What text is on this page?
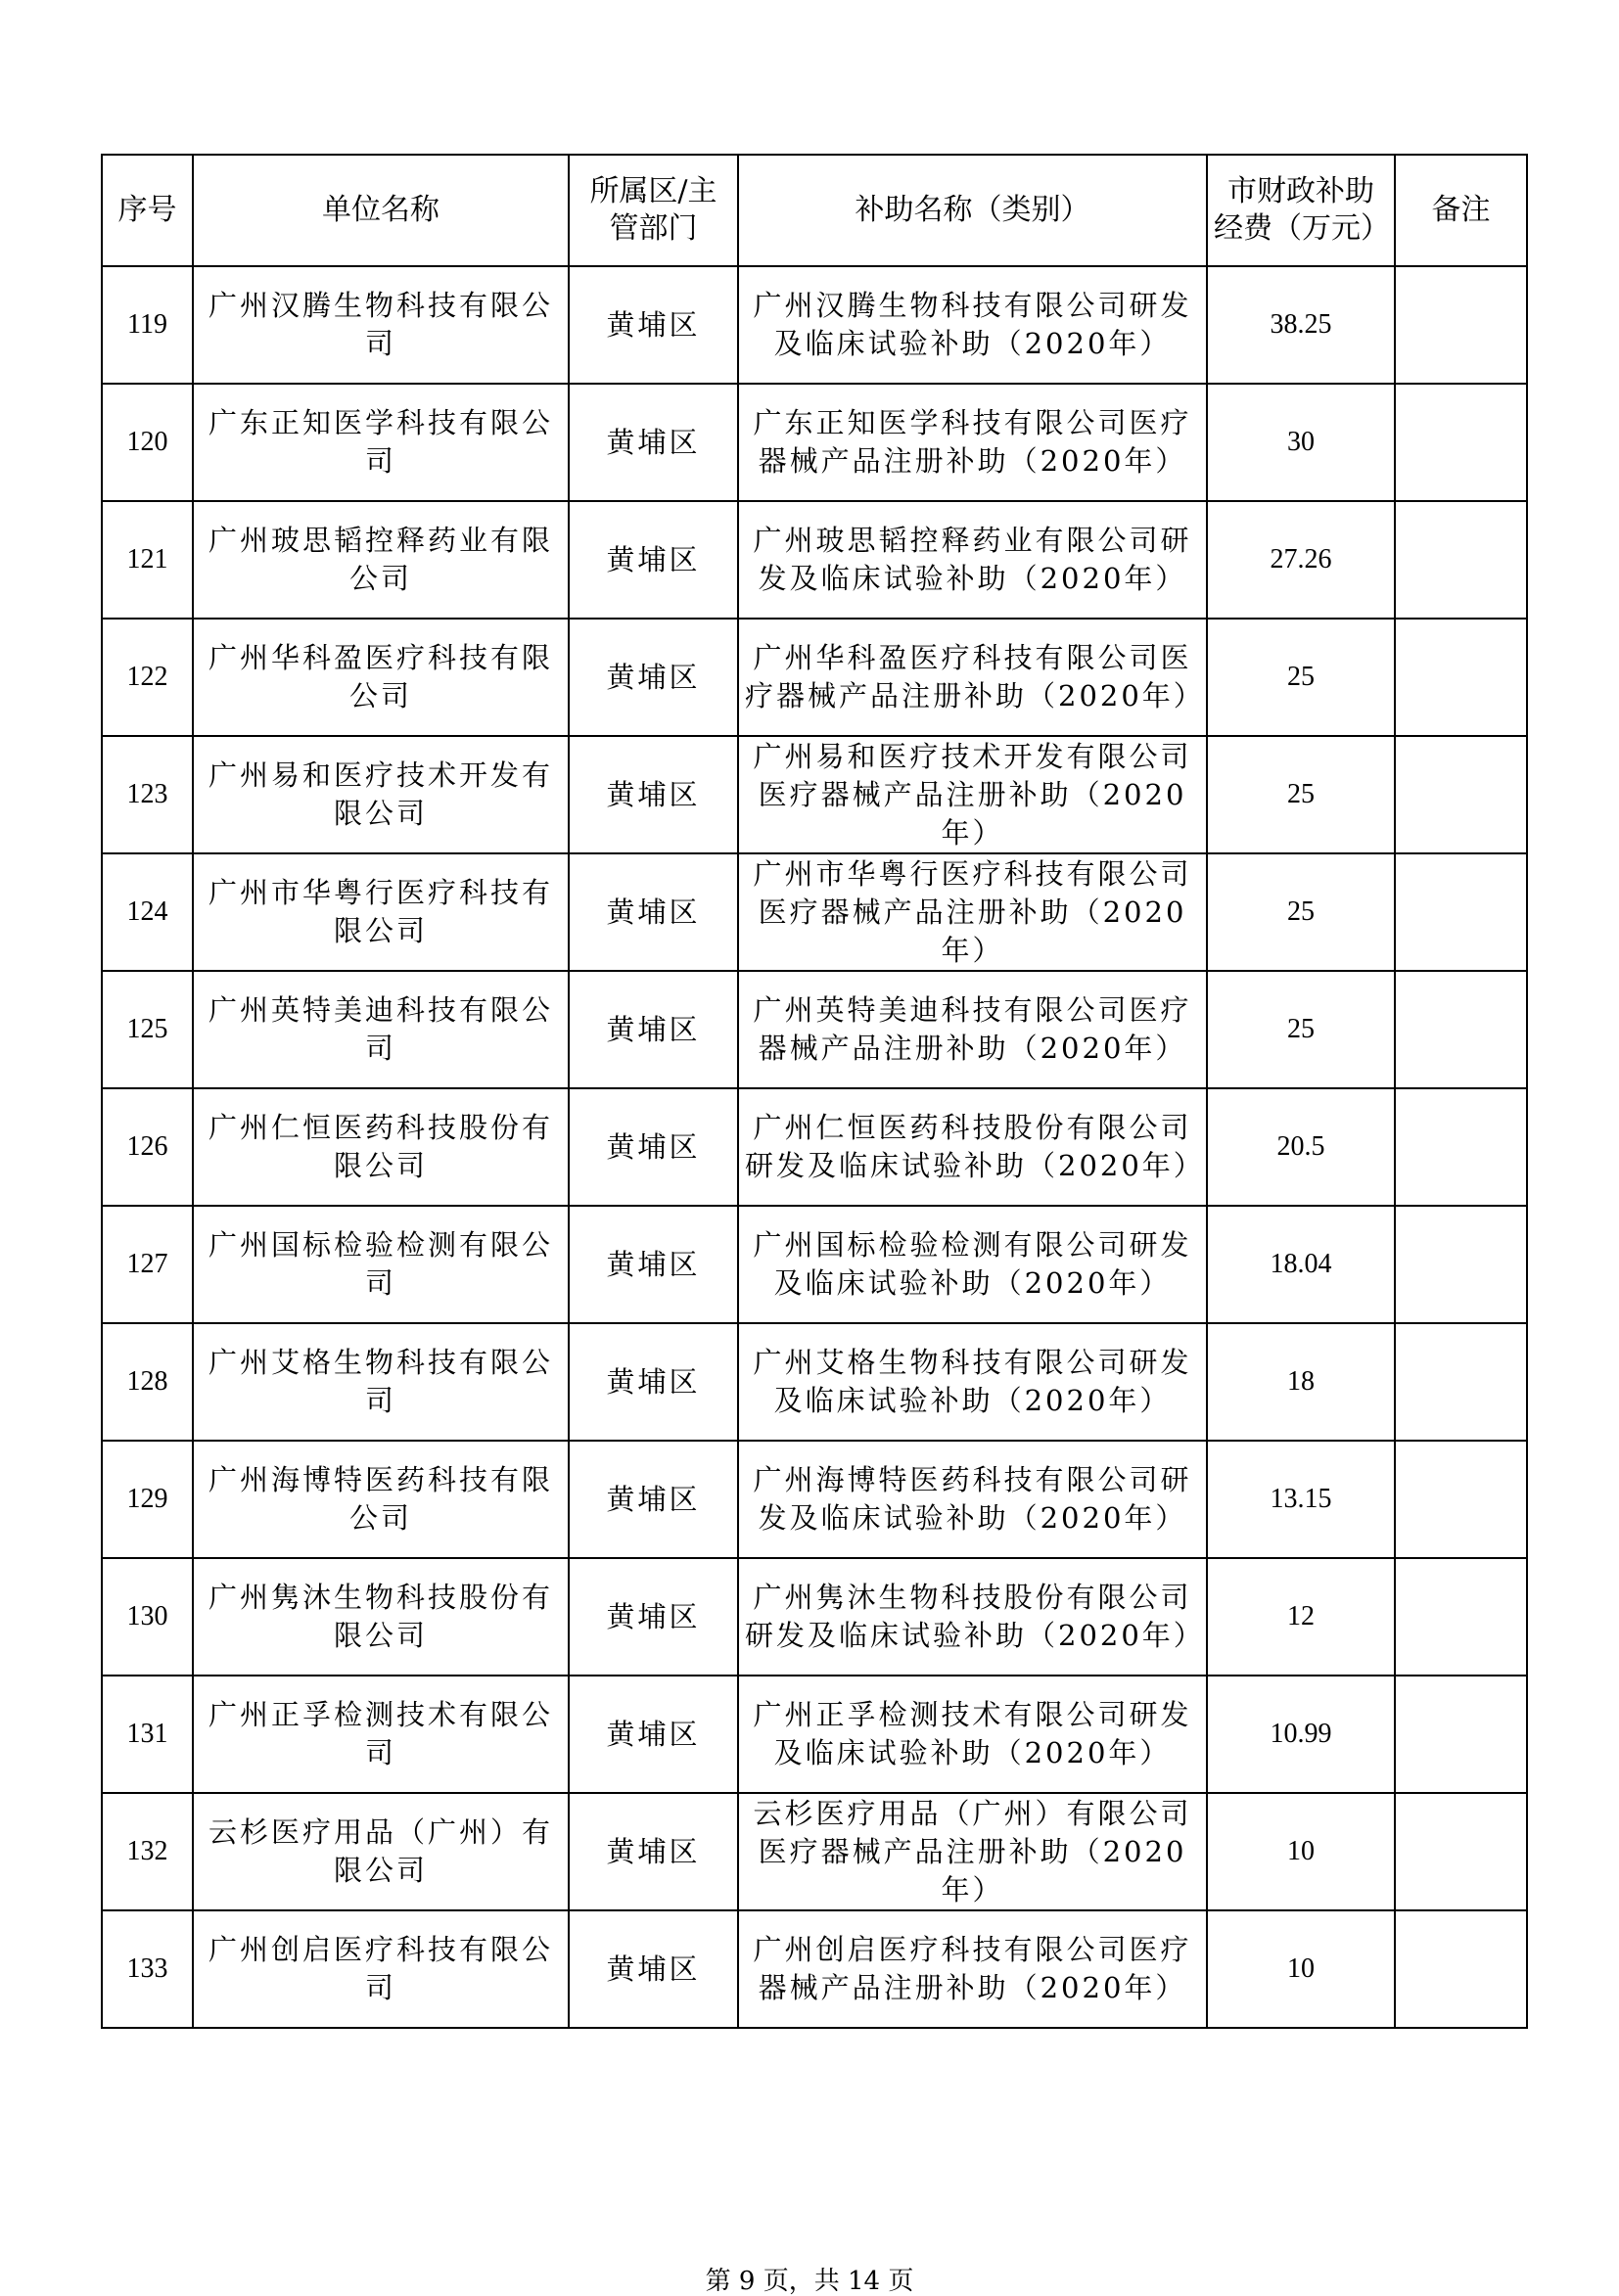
序号	单位名称	所属区/主管部门	补助名称（类别）	市财政补助经费（万元）	备注
119	广州汉腾生物科技有限公司	黄埔区	广州汉腾生物科技有限公司研发及临床试验补助（2020年）	38.25	
120	广东正知医学科技有限公司	黄埔区	广东正知医学科技有限公司医疗器械产品注册补助（2020年）	30	
121	广州玻思韬控释药业有限公司	黄埔区	广州玻思韬控释药业有限公司研发及临床试验补助（2020年）	27.26	
122	广州华科盈医疗科技有限公司	黄埔区	广州华科盈医疗科技有限公司医疗器械产品注册补助（2020年）	25	
123	广州易和医疗技术开发有限公司	黄埔区	广州易和医疗技术开发有限公司医疗器械产品注册补助（2020年）	25	
124	广州市华粤行医疗科技有限公司	黄埔区	广州市华粤行医疗科技有限公司医疗器械产品注册补助（2020年）	25	
125	广州英特美迪科技有限公司	黄埔区	广州英特美迪科技有限公司医疗器械产品注册补助（2020年）	25	
126	广州仁恒医药科技股份有限公司	黄埔区	广州仁恒医药科技股份有限公司研发及临床试验补助（2020年）	20.5	
127	广州国标检验检测有限公司	黄埔区	广州国标检验检测有限公司研发及临床试验补助（2020年）	18.04	
128	广州艾格生物科技有限公司	黄埔区	广州艾格生物科技有限公司研发及临床试验补助（2020年）	18	
129	广州海博特医药科技有限公司	黄埔区	广州海博特医药科技有限公司研发及临床试验补助（2020年）	13.15	
130	广州隽沐生物科技股份有限公司	黄埔区	广州隽沐生物科技股份有限公司研发及临床试验补助（2020年）	12	
131	广州正孚检测技术有限公司	黄埔区	广州正孚检测技术有限公司研发及临床试验补助（2020年）	10.99	
132	云杉医疗用品（广州）有限公司	黄埔区	云杉医疗用品（广州）有限公司医疗器械产品注册补助（2020年）	10	
133	广州创启医疗科技有限公司	黄埔区	广州创启医疗科技有限公司医疗器械产品注册补助（2020年）	10	
第 9 页，共 14 页
